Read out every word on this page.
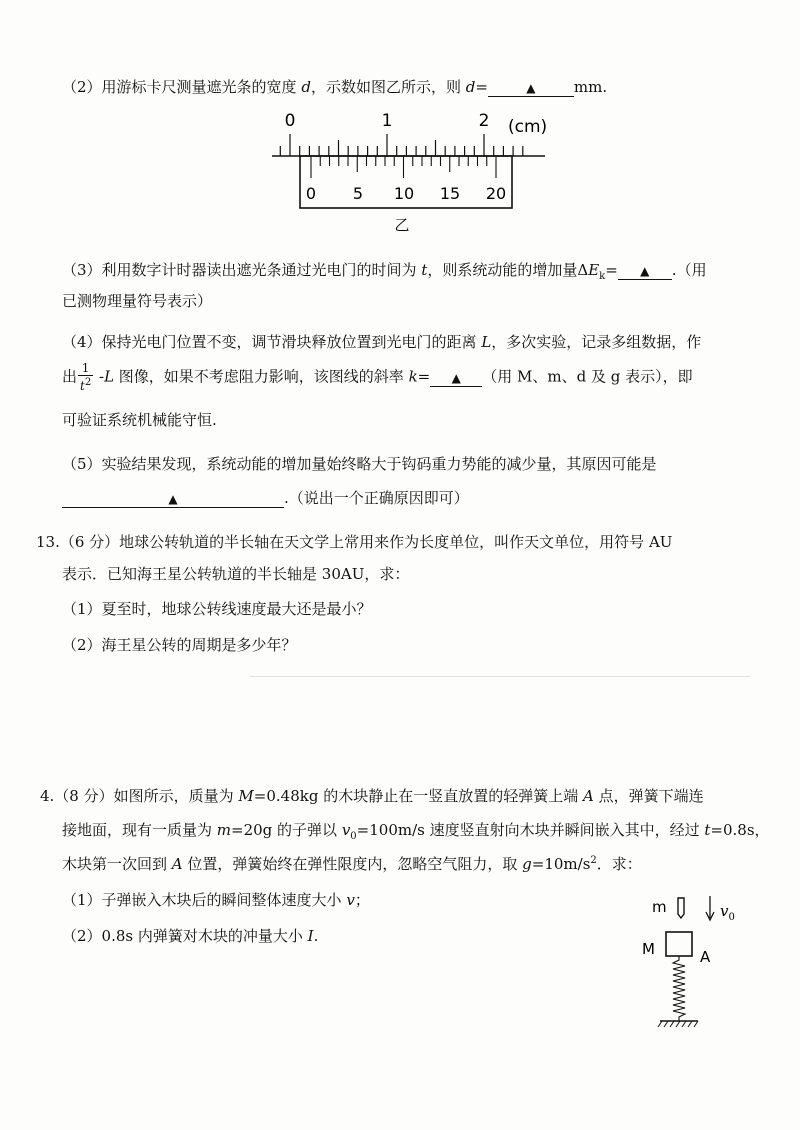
（2）用游标卡尺测量遮光条的宽度 d，示数如图乙所示，则 d=	▲	mm.
0	1	2 (cm)
0 5 10 15 20
乙
（3）利用数字计时器读出遮光条通过光电门的时间为 t，则系统动能的增加量$\Delta E_k=$ ▲ .（用
已测物理量符号表示）
（4）保持光电门位置不变，调节滑块释放位置到光电门的距离 L，多次实验，记录多组数据，作
出 $\frac{1}{t^2} -L$ 图像，如果不考虑阻力影响，该图线的斜率 k= ▲ （用 M、m、d 及 g 表示），即
可验证系统机械能守恒.
（5）实验结果发现，系统动能的增加量始终略大于钩码重力势能的减少量，其原因可能是
▲	.（说出一个正确原因即可）
13.（6 分）地球公转轨道的半长轴在天文学上常用来作为长度单位，叫作天文单位，用符号 AU
表示．已知海王星公转轨道的半长轴是 30AU，求：
（1）夏至时，地球公转线速度最大还是最小？
（2）海王星公转的周期是多少年？
4.（8 分）如图所示，质量为 M=0.48kg 的木块静止在一竖直放置的轻弹簧上端 A 点，弹簧下端连
接地面，现有一质量为 m=20g 的子弹以 $v_0=100m/s$ 速度竖直射向木块并瞬间嵌入其中，经过 t=0.8s，
木块第一次回到 A 位置，弹簧始终在弹性限度内，忽略空气阻力，取 $g=10m/s^2$．求：
（1）子弹嵌入木块后的瞬间整体速度大小 v；
（2）0.8s 内弹簧对木块的冲量大小 I.
m	$v_0$
M	A
